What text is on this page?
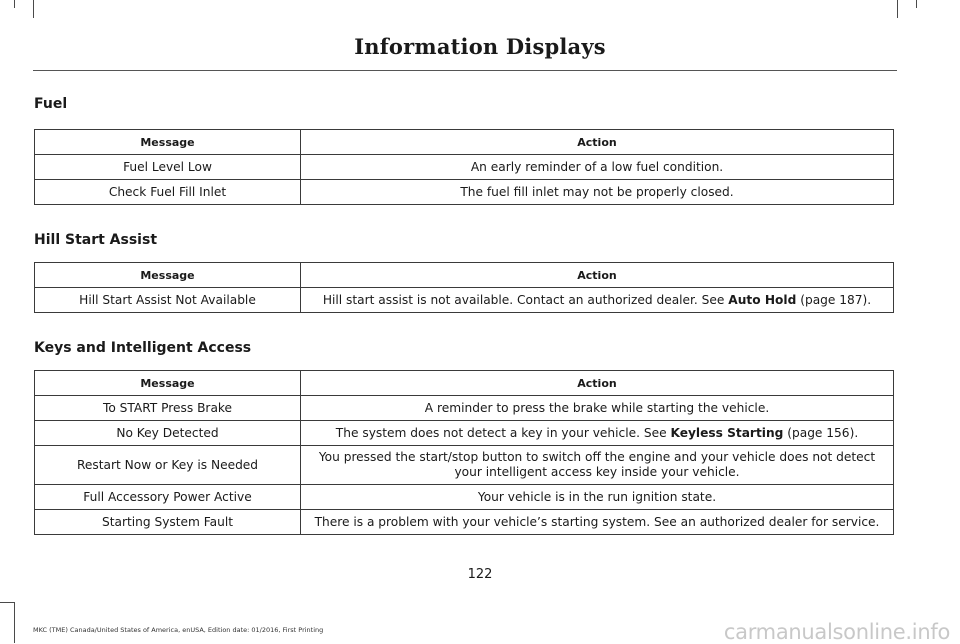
Information Displays
Fuel
Message	Action
Fuel Level Low	An early reminder of a low fuel condition.
Check Fuel Fill Inlet	The fuel fill inlet may not be properly closed.
Hill Start Assist
Message	Action
Hill Start Assist Not Available	Hill start assist is not available. Contact an authorized dealer. See Auto Hold (page 187).
Keys and Intelligent Access
Message	Action
To START Press Brake	A reminder to press the brake while starting the vehicle.
No Key Detected	The system does not detect a key in your vehicle. See Keyless Starting (page 156).
Restart Now or Key is Needed	You pressed the start/stop button to switch off the engine and your vehicle does not detect your intelligent access key inside your vehicle.
Full Accessory Power Active	Your vehicle is in the run ignition state.
Starting System Fault	There is a problem with your vehicle’s starting system. See an authorized dealer for service.
122
MKC (TME) Canada/United States of America, enUSA, Edition date: 01/2016, First Printing	carmanualsonline.info
